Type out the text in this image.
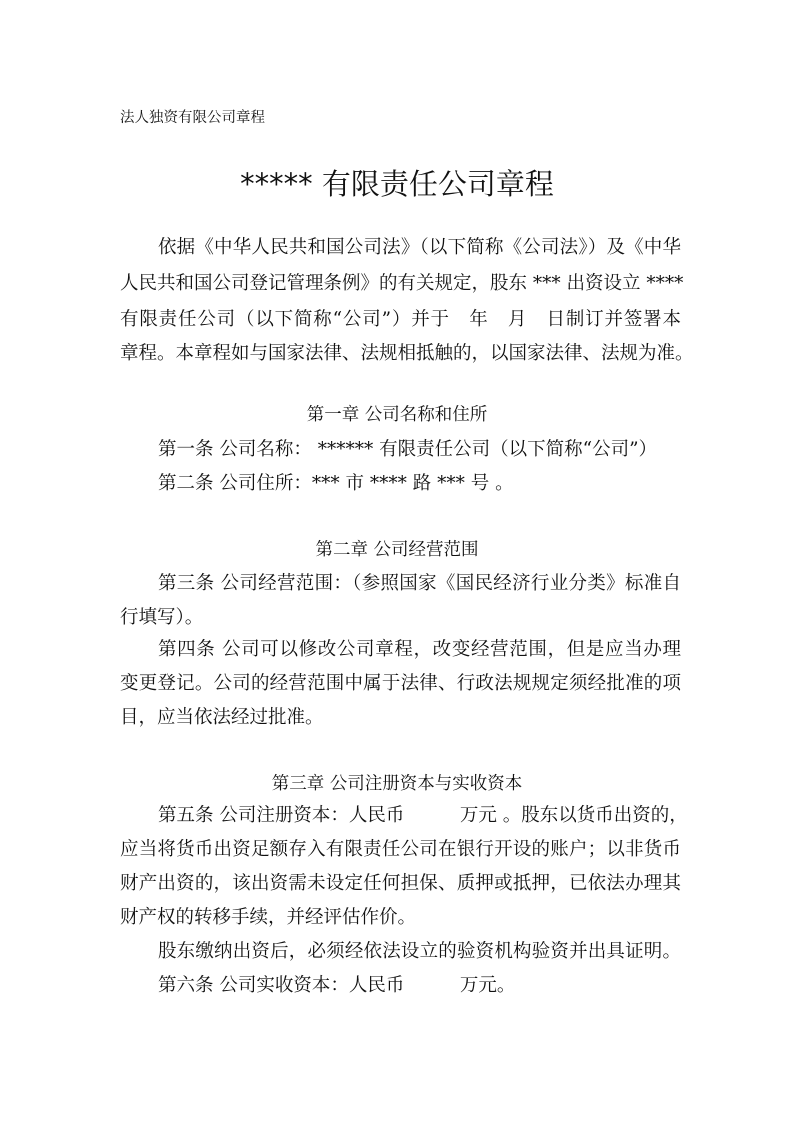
法人独资有限公司章程
***** 有限责任公司章程
依据《中华人民共和国公司法》（以下简称《公司法》）及《中华
人民共和国公司登记管理条例》的有关规定，股东 *** 出资设立 ****
有限责任公司（以下简称“公司”）并于　年　月　日制订并签署本
章程。本章程如与国家法律、法规相抵触的，以国家法律、法规为准。
第一章 公司名称和住所
第一条 公司名称： ****** 有限责任公司（以下简称“公司”）
第二条 公司住所：*** 市 **** 路 *** 号 。
第二章 公司经营范围
第三条 公司经营范围：（参照国家《国民经济行业分类》标准自
行填写）。
第四条 公司可以修改公司章程，改变经营范围，但是应当办理
变更登记。公司的经营范围中属于法律、行政法规规定须经批准的项
目，应当依法经过批准。
第三章 公司注册资本与实收资本
第五条 公司注册资本：人民币　　　万元 。股东以货币出资的，
应当将货币出资足额存入有限责任公司在银行开设的账户；以非货币
财产出资的，该出资需未设定任何担保、质押或抵押，已依法办理其
财产权的转移手续，并经评估作价。
股东缴纳出资后，必须经依法设立的验资机构验资并出具证明。
第六条 公司实收资本：人民币　　　万元。
